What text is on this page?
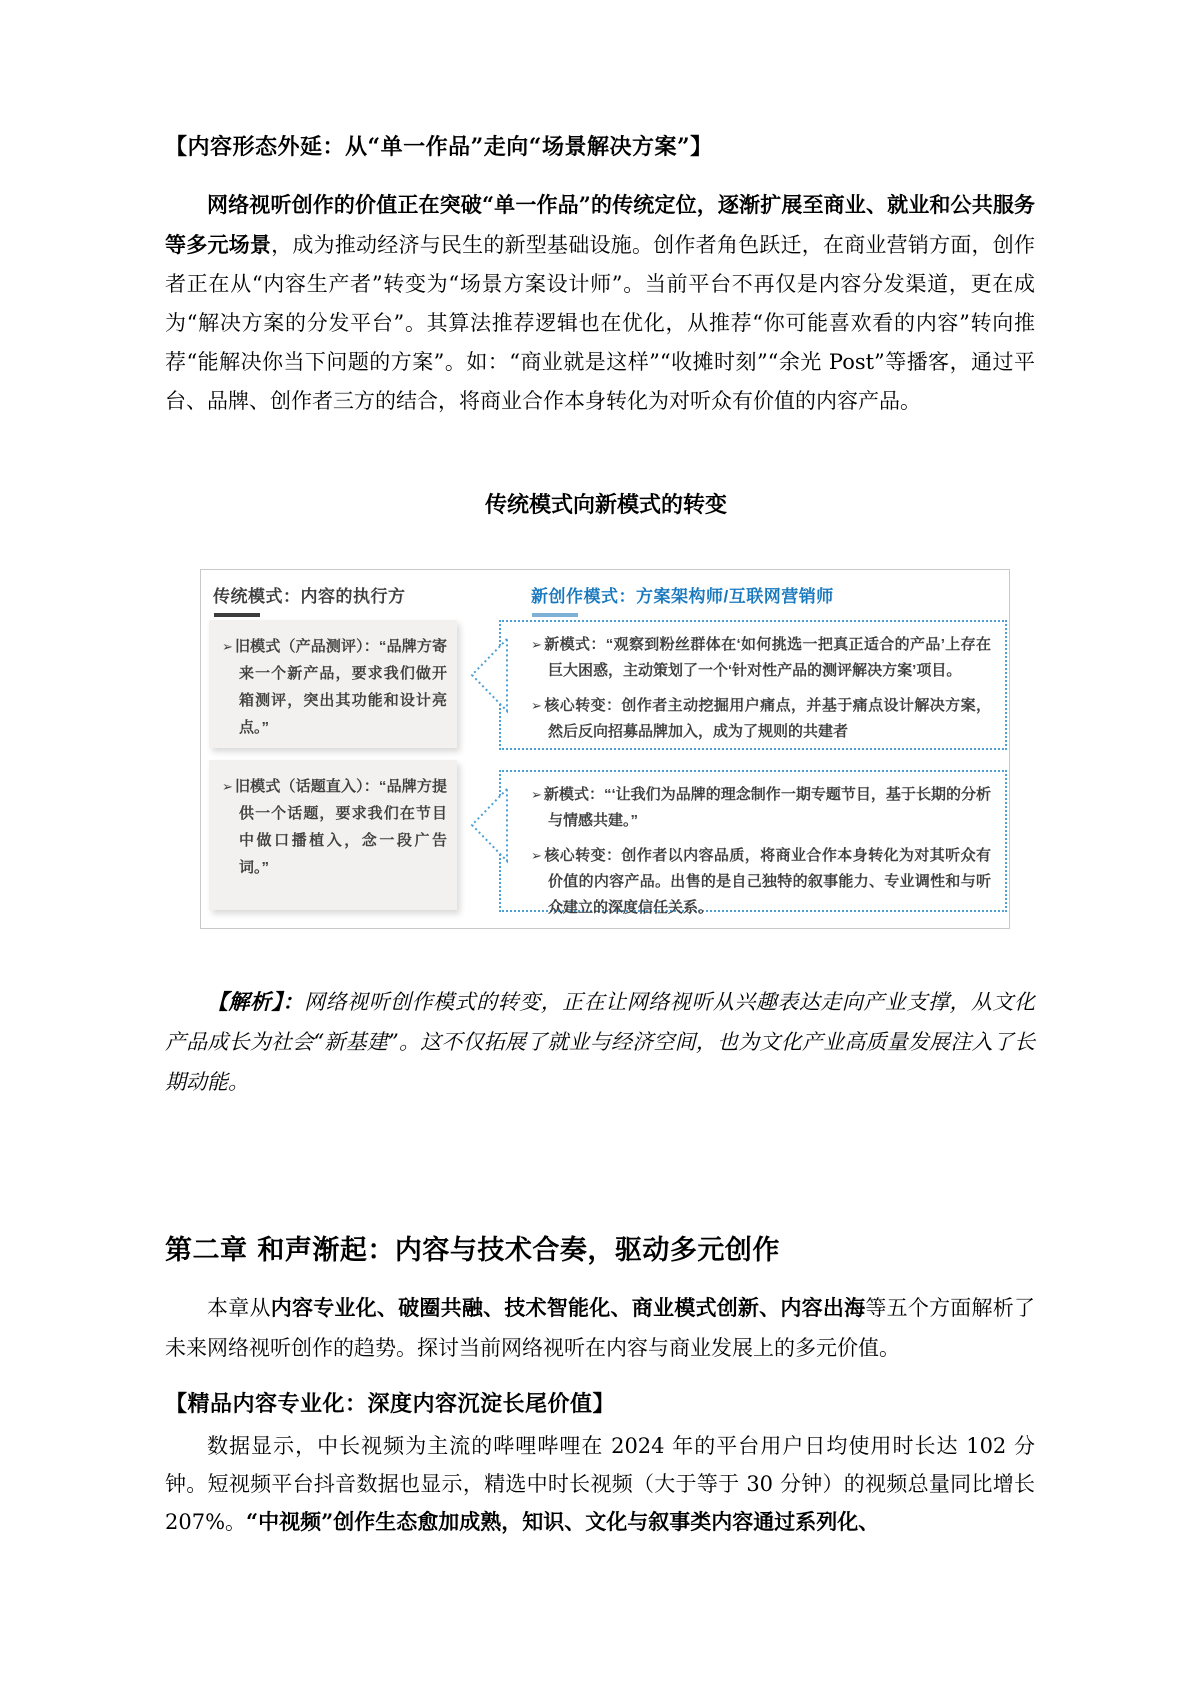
【内容形态外延：从“单一作品”走向“场景解决方案”】

网络视听创作的价值正在突破“单一作品”的传统定位，逐渐扩展至商业、就业和公共服务等多元场景，成为推动经济与民生的新型基础设施。创作者角色跃迁，在商业营销方面，创作者正在从“内容生产者”转变为“场景方案设计师”。当前平台不再仅是内容分发渠道，更在成为“解决方案的分发平台”。其算法推荐逻辑也在优化，从推荐“你可能喜欢看的内容”转向推荐“能解决你当下问题的方案”。如：“商业就是这样”“收摊时刻”“余光 Post”等播客，通过平台、品牌、创作者三方的结合，将商业合作本身转化为对听众有价值的内容产品。

传统模式向新模式的转变
传统模式：内容的执行方	新创作模式：方案架构师/互联网营销师
➢ 旧模式（产品测评）：“品牌方寄来一个新产品，要求我们做开箱测评，突出其功能和设计亮点。”
➢ 旧模式（话题直入）：“品牌方提供一个话题，要求我们在节目中做口播植入，念一段广告词。”
➢ 新模式：“观察到粉丝群体在‘如何挑选一把真正适合的产品’上存在巨大困惑，主动策划了一个‘针对性产品的测评解决方案’项目。
➢ 核心转变：创作者主动挖掘用户痛点，并基于痛点设计解决方案，然后反向招募品牌加入，成为了规则的共建者
➢ 新模式：“‘让我们为品牌的理念制作一期专题节目，基于长期的分析与情感共建。”
➢ 核心转变：创作者以内容品质，将商业合作本身转化为对其听众有价值的内容产品。出售的是自己独特的叙事能力、专业调性和与听众建立的深度信任关系。

【解析】：网络视听创作模式的转变，正在让网络视听从兴趣表达走向产业支撑，从文化产品成长为社会“新基建”。这不仅拓展了就业与经济空间，也为文化产业高质量发展注入了长期动能。

第二章 和声渐起：内容与技术合奏，驱动多元创作

本章从内容专业化、破圈共融、技术智能化、商业模式创新、内容出海等五个方面解析了未来网络视听创作的趋势。探讨当前网络视听在内容与商业发展上的多元价值。

【精品内容专业化：深度内容沉淀长尾价值】

数据显示，中长视频为主流的哔哩哔哩在 2024 年的平台用户日均使用时长达 102 分钟。短视频平台抖音数据也显示，精选中时长视频（大于等于 30 分钟）的视频总量同比增长 207%。“中视频”创作生态愈加成熟，知识、文化与叙事类内容通过系列化、
